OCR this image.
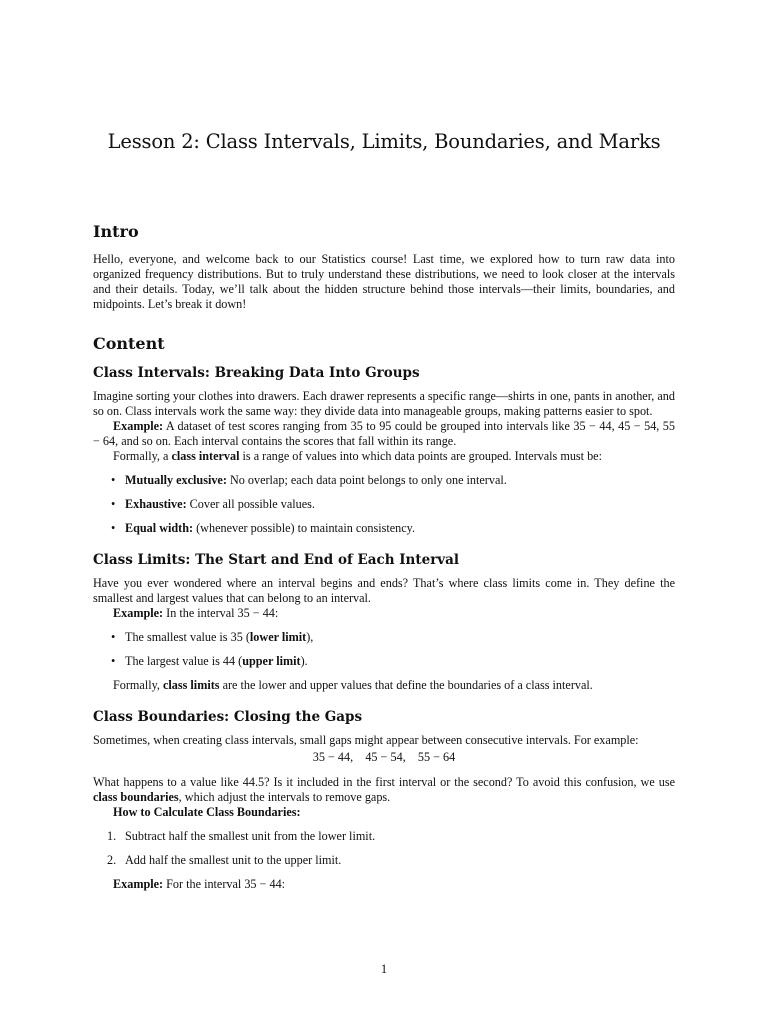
Lesson 2: Class Intervals, Limits, Boundaries, and Marks
Intro

Hello, everyone, and welcome back to our Statistics course! Last time, we explored how to turn raw data into organized frequency distributions. But to truly understand these distributions, we need to look closer at the intervals and their details. Today, we’ll talk about the hidden structure behind those intervals—their limits, boundaries, and midpoints. Let’s break it down!

Content
Class Intervals: Breaking Data Into Groups

Imagine sorting your clothes into drawers. Each drawer represents a specific range—shirts in one, pants in another, and so on. Class intervals work the same way: they divide data into manageable groups, making patterns easier to spot.

Example: A dataset of test scores ranging from 35 to 95 could be grouped into intervals like 35 − 44, 45 − 54, 55 − 64, and so on. Each interval contains the scores that fall within its range.

Formally, a class interval is a range of values into which data points are grouped. Intervals must be:

• Mutually exclusive: No overlap; each data point belongs to only one interval.
• Exhaustive: Cover all possible values.
• Equal width: (whenever possible) to maintain consistency.
Class Limits: The Start and End of Each Interval

Have you ever wondered where an interval begins and ends? That’s where class limits come in. They define the smallest and largest values that can belong to an interval.

Example: In the interval 35 − 44:

• The smallest value is 35 (lower limit),
• The largest value is 44 (upper limit).

Formally, class limits are the lower and upper values that define the boundaries of a class interval.

Class Boundaries: Closing the Gaps

Sometimes, when creating class intervals, small gaps might appear between consecutive intervals. For example:

35 − 44,    45 − 54,    55 − 64

What happens to a value like 44.5? Is it included in the first interval or the second? To avoid this confusion, we use class boundaries, which adjust the intervals to remove gaps.

How to Calculate Class Boundaries:

1. Subtract half the smallest unit from the lower limit.
2. Add half the smallest unit to the upper limit.

Example: For the interval 35 − 44:

1
